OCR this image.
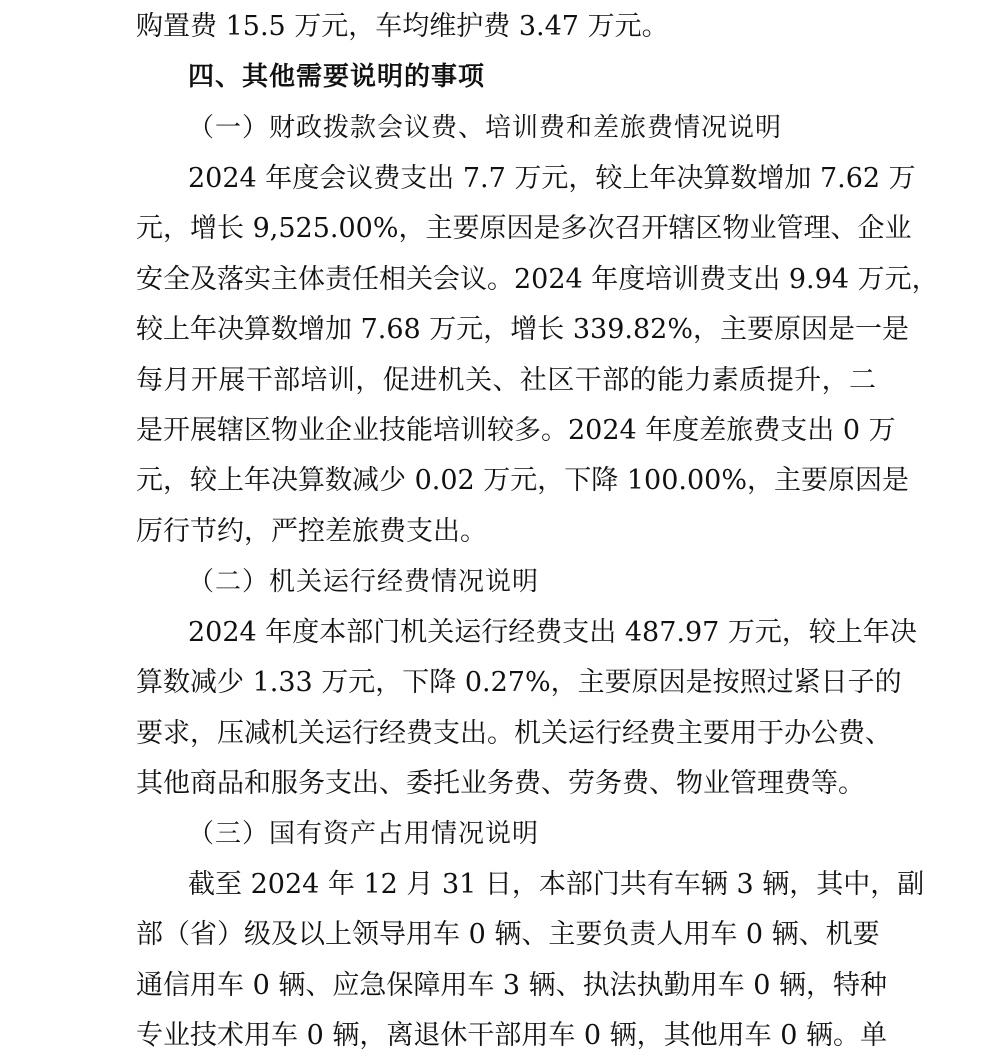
购置费 15.5 万元，车均维护费 3.47 万元。
四、其他需要说明的事项
（一）财政拨款会议费、培训费和差旅费情况说明
2024 年度会议费支出 7.7 万元，较上年决算数增加 7.62 万
元，增长 9,525.00%，主要原因是多次召开辖区物业管理、企业
安全及落实主体责任相关会议。2024 年度培训费支出 9.94 万元，
较上年决算数增加 7.68 万元，增长 339.82%，主要原因是一是
每月开展干部培训，促进机关、社区干部的能力素质提升，二
是开展辖区物业企业技能培训较多。2024 年度差旅费支出 0 万
元，较上年决算数减少 0.02 万元，下降 100.00%，主要原因是
厉行节约，严控差旅费支出。
（二）机关运行经费情况说明
2024 年度本部门机关运行经费支出 487.97 万元，较上年决
算数减少 1.33 万元，下降 0.27%，主要原因是按照过紧日子的
要求，压减机关运行经费支出。机关运行经费主要用于办公费、
其他商品和服务支出、委托业务费、劳务费、物业管理费等。
（三）国有资产占用情况说明
截至 2024 年 12 月 31 日，本部门共有车辆 3 辆，其中，副
部（省）级及以上领导用车 0 辆、主要负责人用车 0 辆、机要
通信用车 0 辆、应急保障用车 3 辆、执法执勤用车 0 辆，特种
专业技术用车 0 辆，离退休干部用车 0 辆，其他用车 0 辆。单
